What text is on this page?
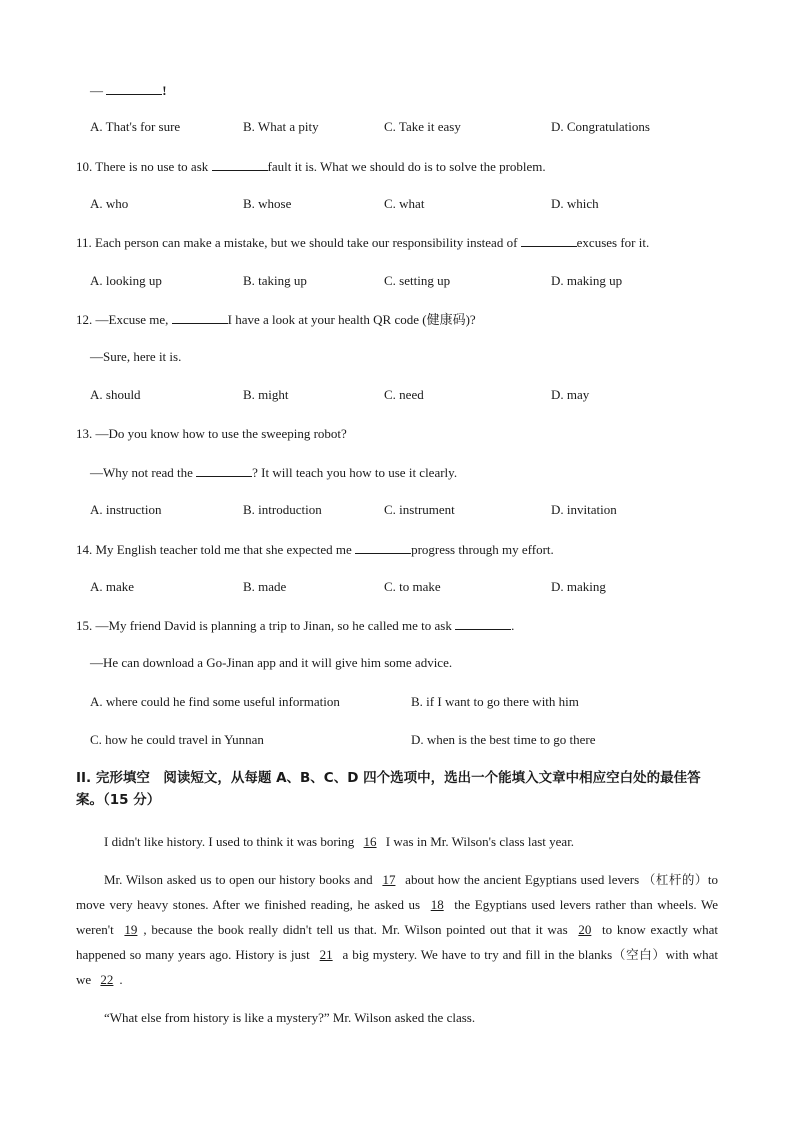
—	!
A. That's for sure	B. What a pity	C. Take it easy	D. Congratulations
10. There is no use to ask	fault it is. What we should do is to solve the problem.
A. who	B. whose	C. what	D. which
11. Each person can make a mistake, but we should take our responsibility instead of	excuses for it.
A. looking up	B. taking up	C. setting up	D. making up
12. —Excuse me,	I have a look at your health QR code (健康码)?
—Sure, here it is.
A. should	B. might	C. need	D. may
13. —Do you know how to use the sweeping robot?
—Why not read the	? It will teach you how to use it clearly.
A. instruction	B. introduction	C. instrument	D. invitation
14. My English teacher told me that she expected me	progress through my effort.
A. make	B. made	C. to make	D. making
15. —My friend David is planning a trip to Jinan, so he called me to ask	.
—He can download a Go-Jinan app and it will give him some advice.
A. where could he find some useful information	B. if I want to go there with him
C. how he could travel in Yunnan	D. when is the best time to go there
II. 完形填空　阅读短文，从每题 A、B、C、D 四个选项中，选出一个能填入文章中相应空白处的最佳答案。（15 分）
I didn't like history. I used to think it was boring 16 I was in Mr. Wilson's class last year.
Mr. Wilson asked us to open our history books and 17 about how the ancient Egyptians used levers （杠杆的）to move very heavy stones. After we finished reading, he asked us 18 the Egyptians used levers rather than wheels. We weren't 19 , because the book really didn't tell us that. Mr. Wilson pointed out that it was 20 to know exactly what happened so many years ago. History is just 21 a big mystery. We have to try and fill in the blanks（空白）with what we 22 .
“What else from history is like a mystery?” Mr. Wilson asked the class.
